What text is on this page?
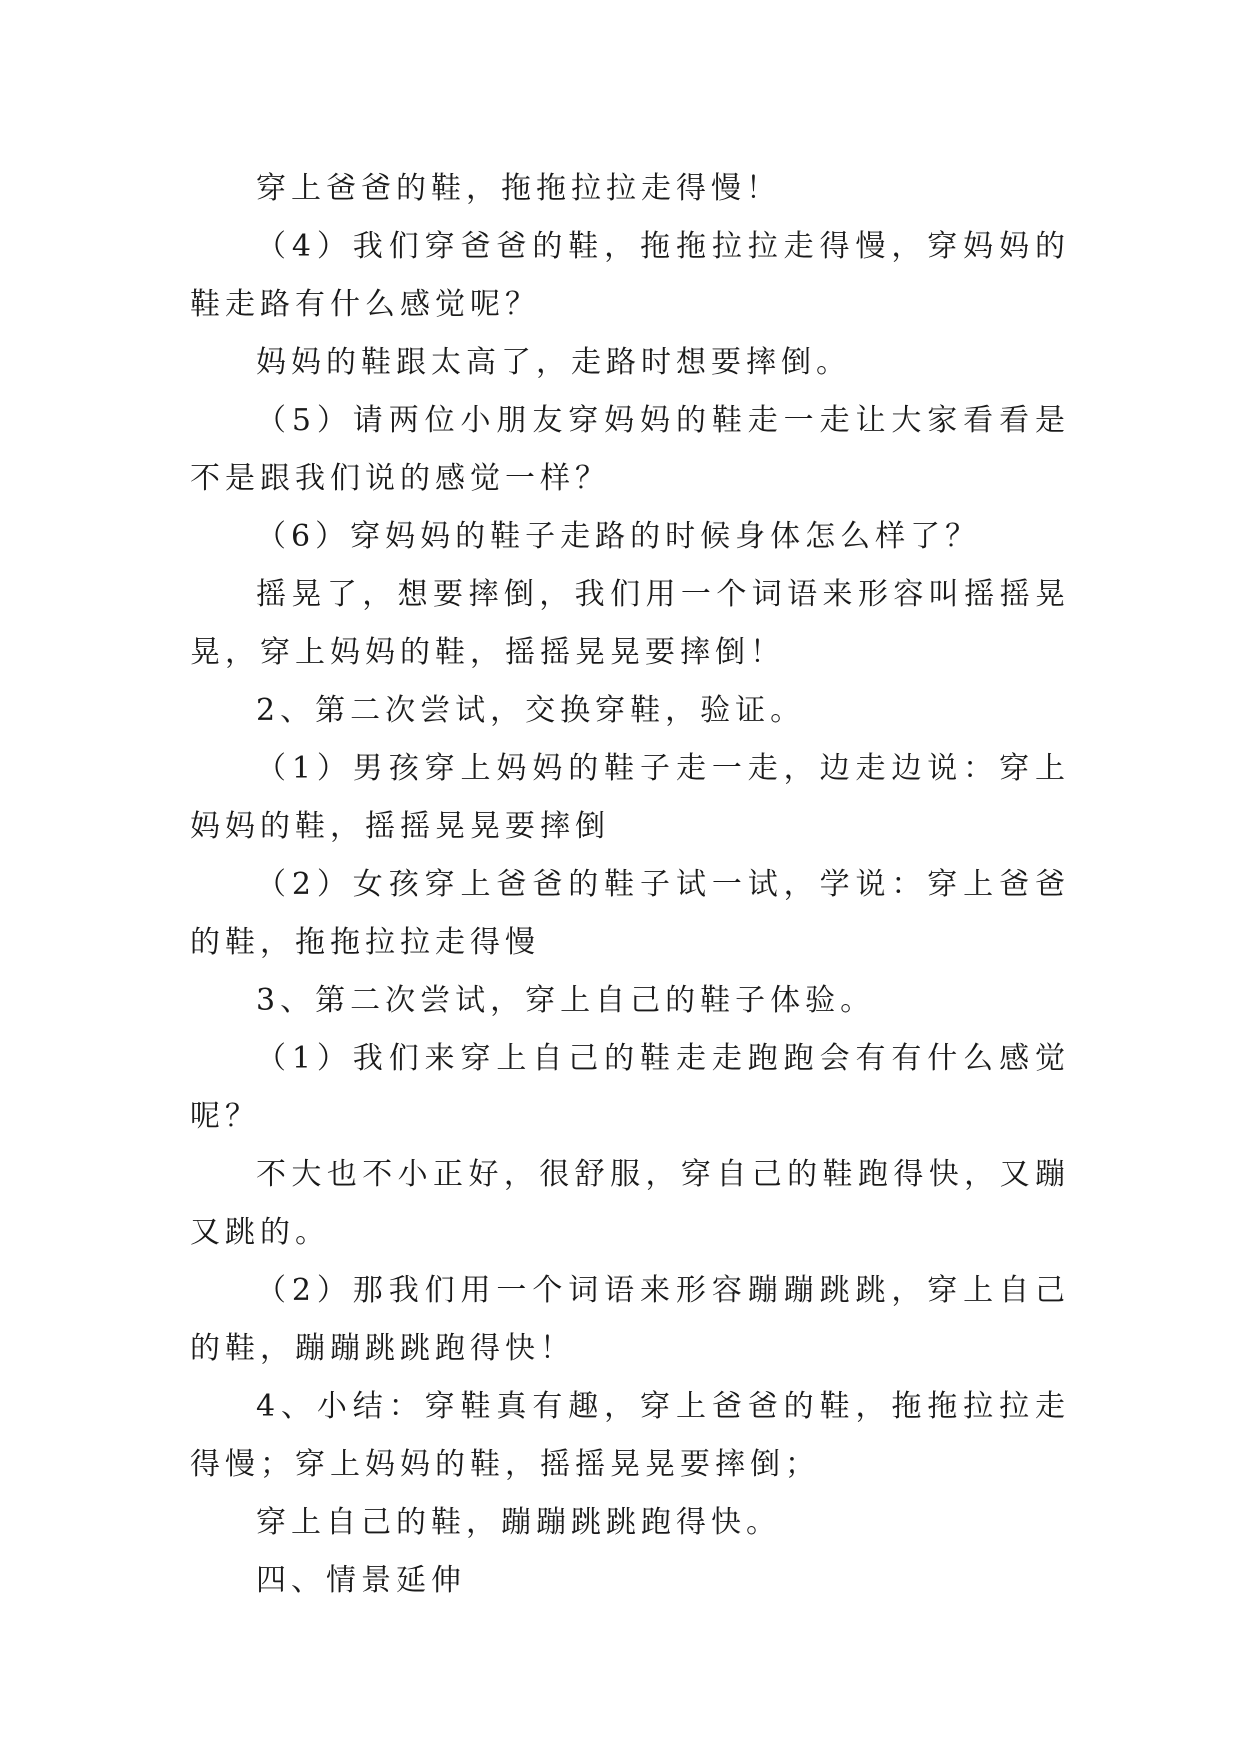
穿上爸爸的鞋，拖拖拉拉走得慢！

（4）我们穿爸爸的鞋，拖拖拉拉走得慢，穿妈妈的鞋走路有什么感觉呢？

妈妈的鞋跟太高了，走路时想要摔倒。

（5）请两位小朋友穿妈妈的鞋走一走让大家看看是不是跟我们说的感觉一样？

（6）穿妈妈的鞋子走路的时候身体怎么样了？

摇晃了，想要摔倒，我们用一个词语来形容叫摇摇晃晃，穿上妈妈的鞋，摇摇晃晃要摔倒！

2、第二次尝试，交换穿鞋，验证。

（1）男孩穿上妈妈的鞋子走一走，边走边说：穿上妈妈的鞋，摇摇晃晃要摔倒

（2）女孩穿上爸爸的鞋子试一试，学说：穿上爸爸的鞋，拖拖拉拉走得慢

3、第二次尝试，穿上自己的鞋子体验。

（1）我们来穿上自己的鞋走走跑跑会有有什么感觉呢？

不大也不小正好，很舒服，穿自己的鞋跑得快，又蹦又跳的。

（2）那我们用一个词语来形容蹦蹦跳跳，穿上自己的鞋，蹦蹦跳跳跑得快！

4、小结：穿鞋真有趣，穿上爸爸的鞋，拖拖拉拉走得慢；穿上妈妈的鞋，摇摇晃晃要摔倒；

穿上自己的鞋，蹦蹦跳跳跑得快。

四、情景延伸
